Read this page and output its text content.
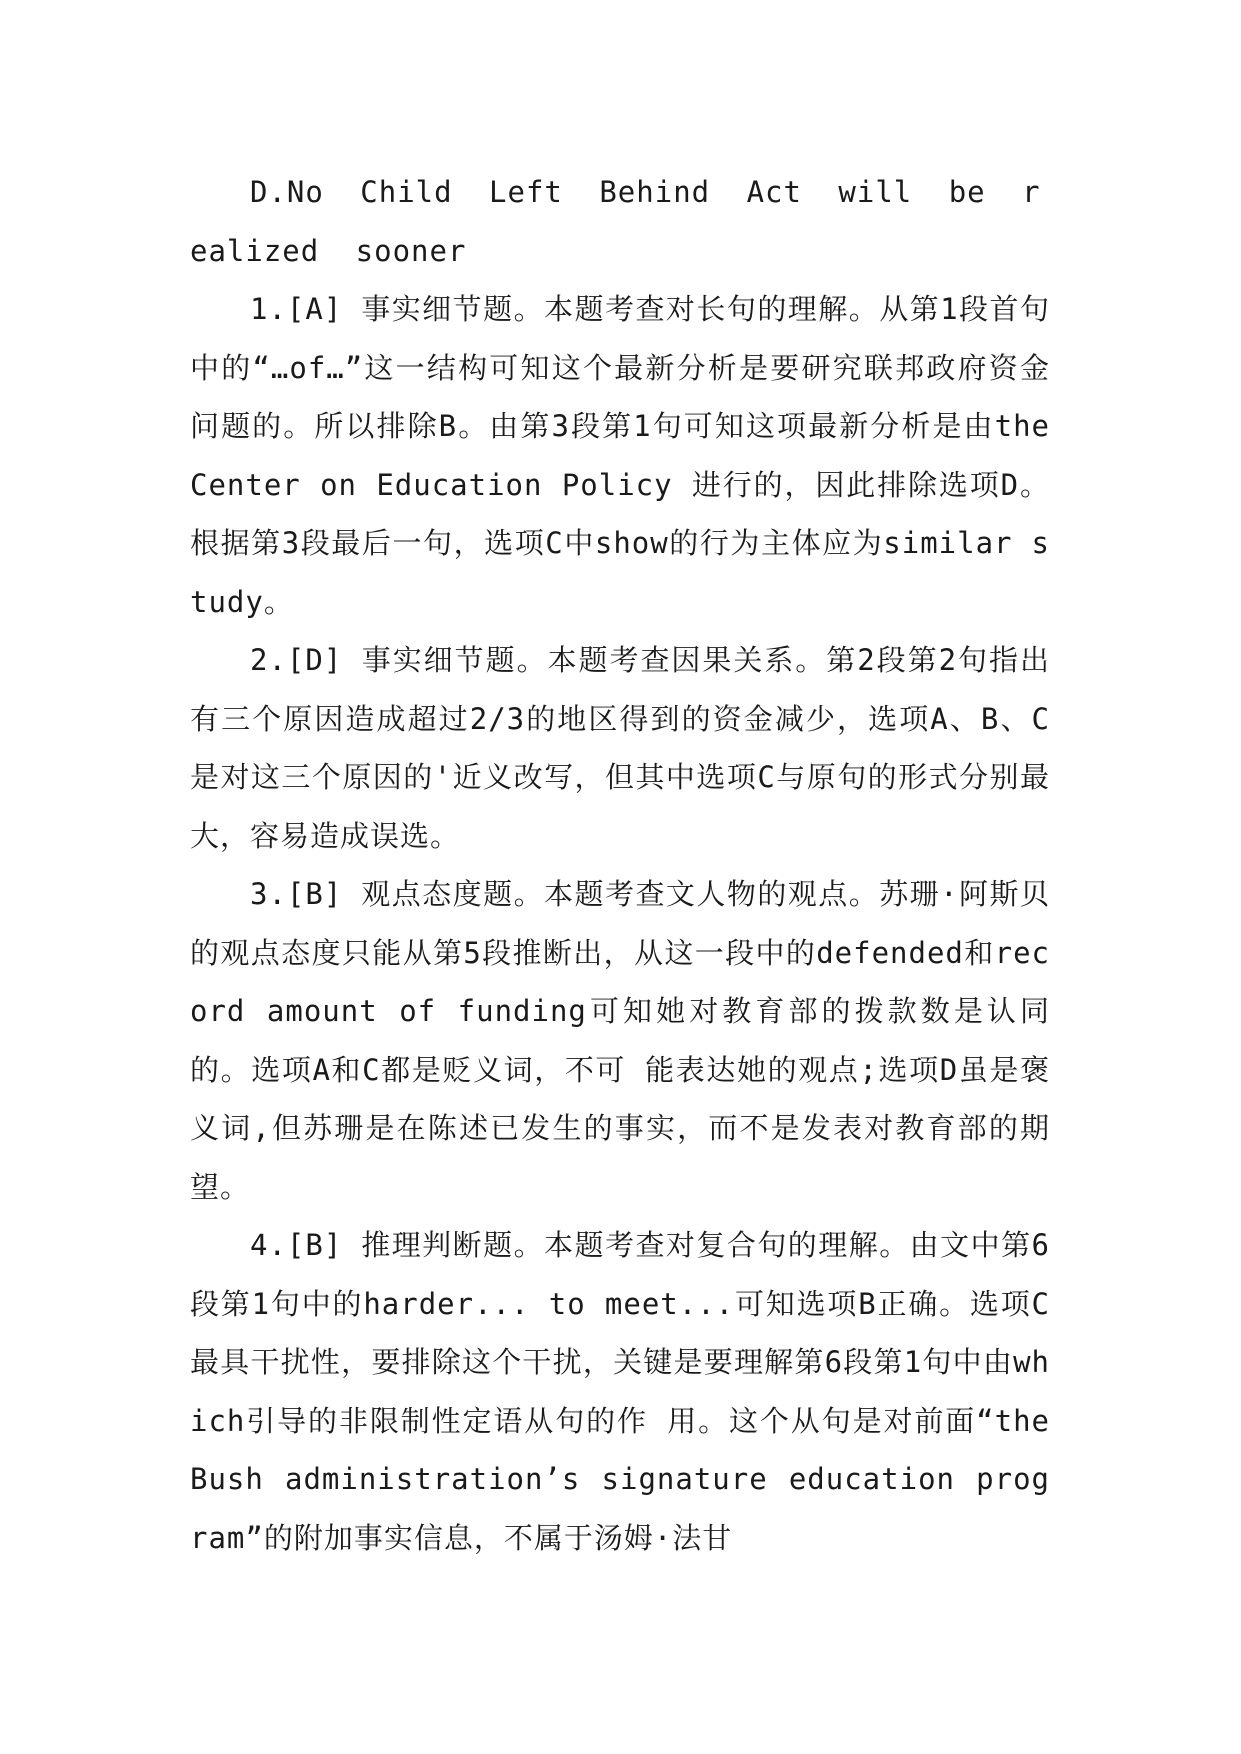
D.No Child Left Behind Act will be realized sooner

1.[A] 事实细节题。本题考查对长句的理解。从第1段首句中的“…of…”这一结构可知这个最新分析是要研究联邦政府资金问题的。所以排除B。由第3段第1句可知这项最新分析是由the Center on Education Policy 进行的，因此排除选项D。根据第3段最后一句，选项C中show的行为主体应为similar study。

2.[D] 事实细节题。本题考查因果关系。第2段第2句指出有三个原因造成超过2/3的地区得到的资金减少，选项A、B、C是对这三个原因的'近义改写，但其中选项C与原句的形式分别最大，容易造成误选。

3.[B] 观点态度题。本题考查文人物的观点。苏珊·阿斯贝的观点态度只能从第5段推断出，从这一段中的defended和record amount of funding可知她对教育部的拨款数是认同的。选项A和C都是贬义词，不可 能表达她的观点;选项D虽是褒义词,但苏珊是在陈述已发生的事实，而不是发表对教育部的期望。

4.[B] 推理判断题。本题考查对复合句的理解。由文中第6段第1句中的harder... to meet...可知选项B正确。选项C最具干扰性，要排除这个干扰，关键是要理解第6段第1句中由which引导的非限制性定语从句的作 用。这个从句是对前面“the Bush administration’s signature education program”的附加事实信息，不属于汤姆·法甘
